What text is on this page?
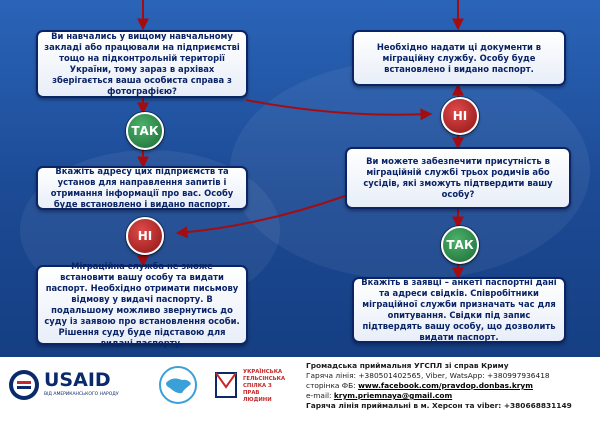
Ви навчались у вищому навчальному закладі або працювали на підприємстві тощо на підконтрольній території України, тому зараз в архівах зберігається ваша особиста справа з фотографією?
Необхідно надати ці документи в міграційну службу. Особу буде встановлено і видано паспорт.
ТАК
НІ
Вкажіть адресу цих підприємств та установ для направлення запитів і отримання інформації про вас. Особу буде встановлено і видано паспорт.
Ви можете забезпечити присутність в міграційній службі трьох родичів або сусідів, які зможуть підтвердити вашу особу?
НІ
ТАК
Міграційна служба не зможе встановити вашу особу та видати паспорт. Необхідно отримати письмову відмову у видачі паспорту. В подальшому можливо звернутись до суду із заявою про встановлення особи. Рішення суду буде підставою для видачі паспорту.
Вкажіть в заявці – анкеті паспортні дані та адреси свідків. Співробітники міграційної служби призначать час для опитування. Свідки під запис підтвердять вашу особу, що дозволить видати паспорт.
USAID
ВІД АМЕРИКАНСЬКОГО НАРОДУ
УКРАЇНСЬКА ГЕЛЬСІНСЬКА СПІЛКА З ПРАВ ЛЮДИНИ
Громадська приймальня УГСПЛ зі справ Криму
Гаряча лінія: +380501402565, Viber, WatsApp: +380997936418
сторінка ФБ: www.facebook.com/pravdop.donbas.krym
e-mail: krym.priemnaya@gmail.com
Гаряча лінія приймальні в м. Херсон та viber: +380668831149
